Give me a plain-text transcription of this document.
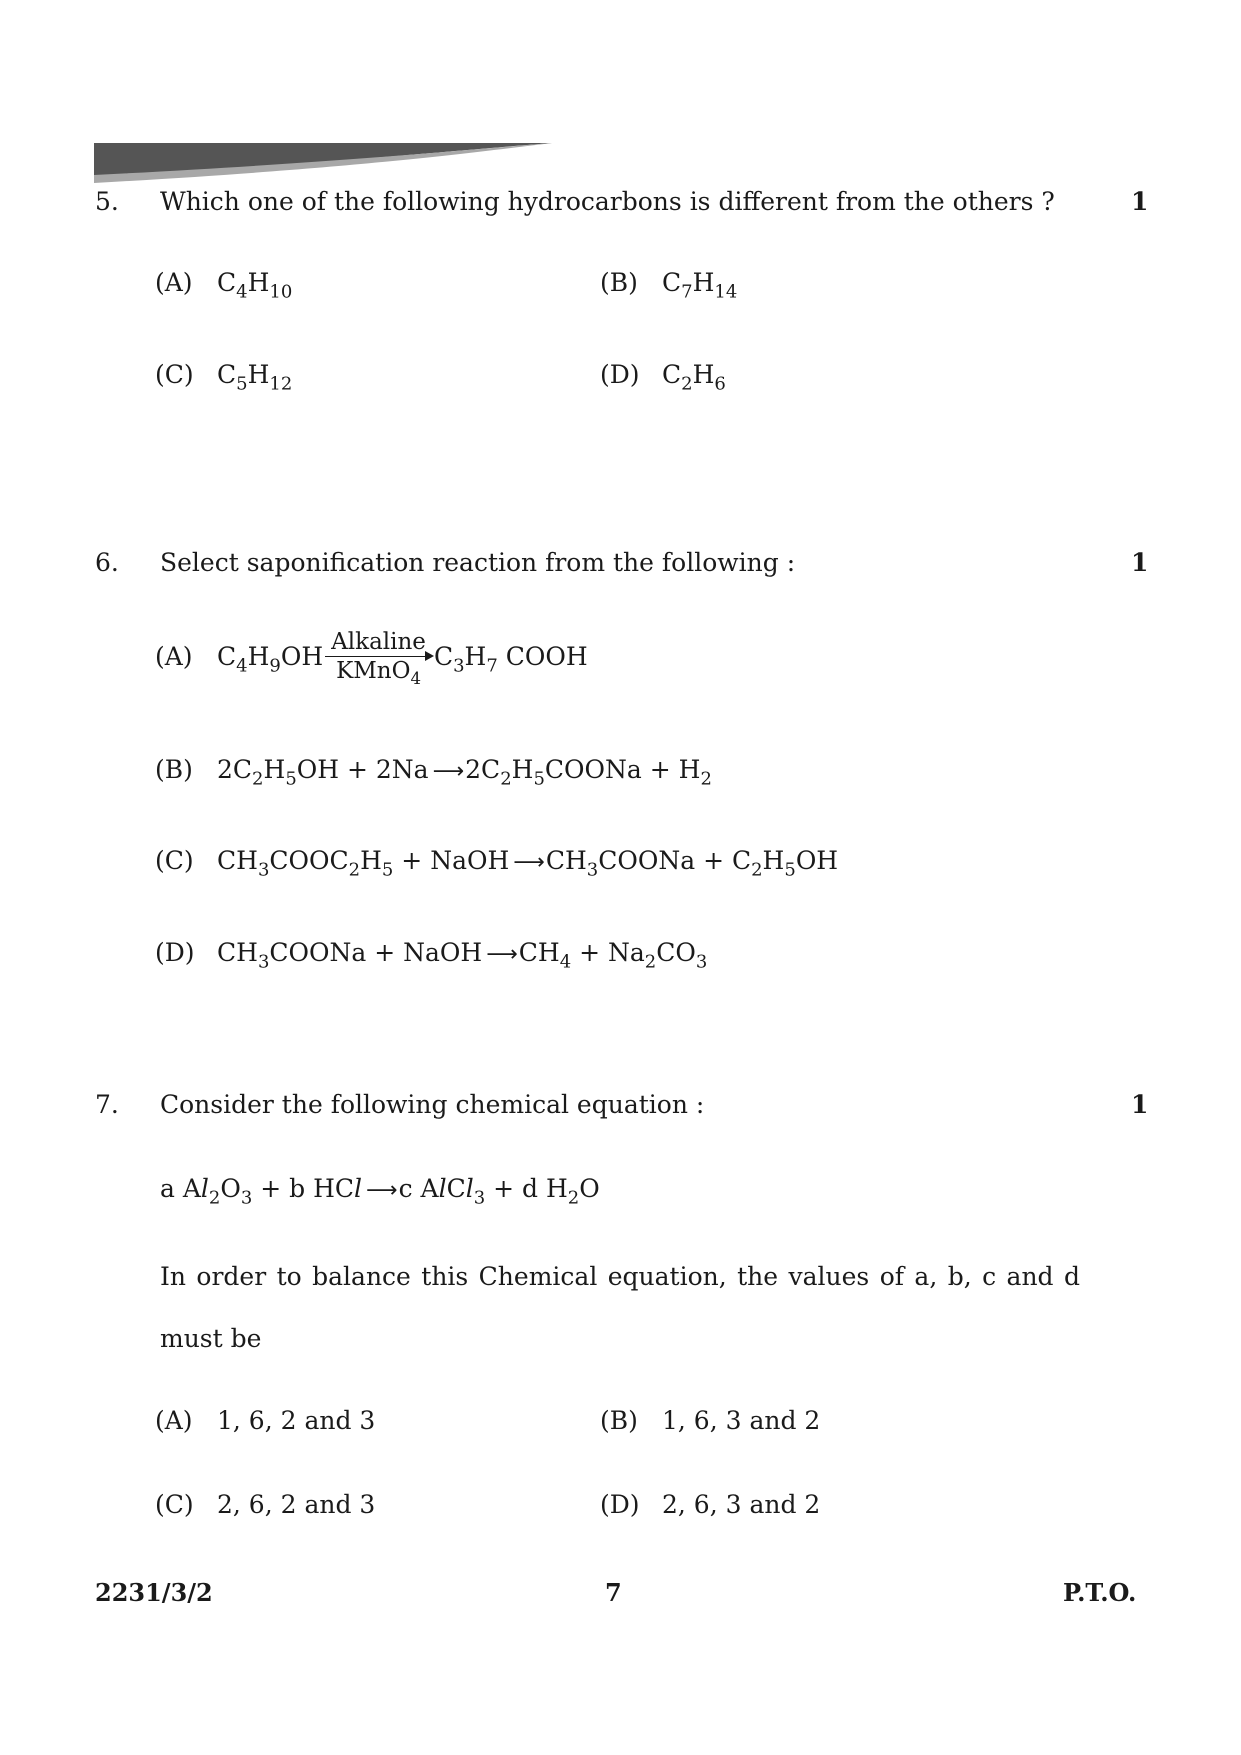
5. Which one of the following hydrocarbons is different from the others ?	1
(A) $C_4H_{10}$	(B) $C_7H_{14}$
(C) $C_5H_{12}$	(D) $C_2H_6$
6. Select saponification reaction from the following :	1
(A) $C_4H_9OH$ Alkaline
KMnO$_4$
$C_3H_7$ COOH
(B) $2C_2H_5OH + 2Na$ ⟶ $2C_2H_5COONa + H_2$
(C) $CH_3COOC_2H_5$ + NaOH ⟶ $CH_3COONa + C_2H_5OH$
(D) $CH_3COONa$ + NaOH ⟶ $CH_4 + Na_2CO_3$
7. Consider the following chemical equation :	1
a $Al_2O_3 + b$ HCl ⟶ c AlCl$_3$ + d $H_2O$
In order to balance this Chemical equation, the values of a, b, c and d
must be
(A) 1, 6, 2 and 3	(B) 1, 6, 3 and 2
(C) 2, 6, 2 and 3	(D) 2, 6, 3 and 2
2231/3/2	7	P.T.O.
